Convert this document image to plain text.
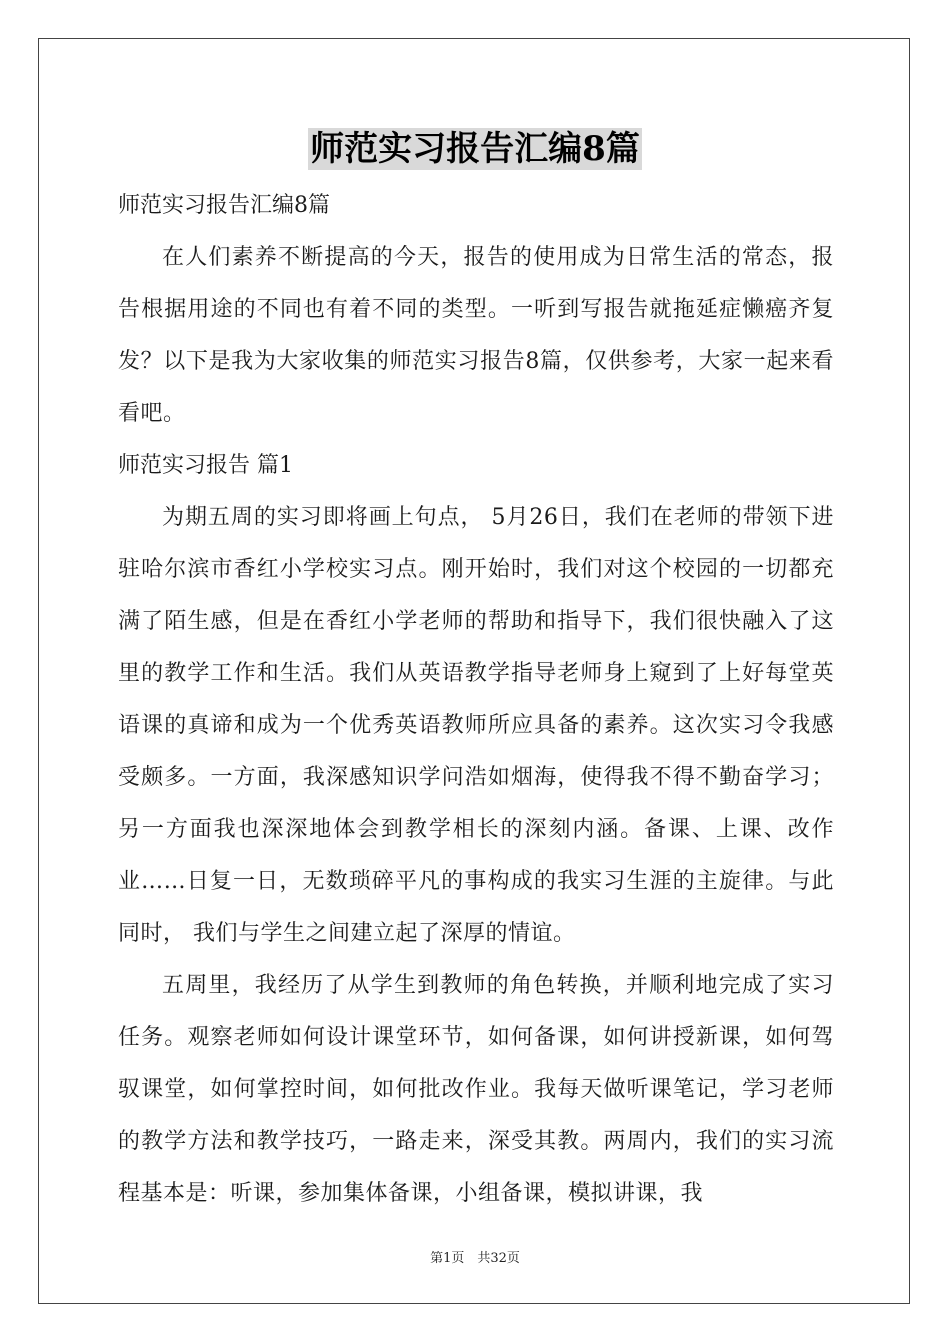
师范实习报告汇编8篇

师范实习报告汇编8篇

在人们素养不断提高的今天，报告的使用成为日常生活的常态，报告根据用途的不同也有着不同的类型。一听到写报告就拖延症懒癌齐复发？以下是我为大家收集的师范实习报告8篇，仅供参考，大家一起来看看吧。

师范实习报告 篇1

为期五周的实习即将画上句点， 5月26日，我们在老师的带领下进驻哈尔滨市香红小学校实习点。刚开始时，我们对这个校园的一切都充满了陌生感，但是在香红小学老师的帮助和指导下，我们很快融入了这里的教学工作和生活。我们从英语教学指导老师身上窥到了上好每堂英语课的真谛和成为一个优秀英语教师所应具备的素养。这次实习令我感受颇多。一方面，我深感知识学问浩如烟海，使得我不得不勤奋学习；另一方面我也深深地体会到教学相长的深刻内涵。备课、上课、改作业……日复一日，无数琐碎平凡的事构成的我实习生涯的主旋律。与此同时， 我们与学生之间建立起了深厚的情谊。

五周里，我经历了从学生到教师的角色转换，并顺利地完成了实习任务。观察老师如何设计课堂环节，如何备课，如何讲授新课，如何驾驭课堂，如何掌控时间，如何批改作业。我每天做听课笔记，学习老师的教学方法和教学技巧，一路走来，深受其教。两周内，我们的实习流程基本是：听课，参加集体备课，小组备课，模拟讲课，我

第1页　共32页
